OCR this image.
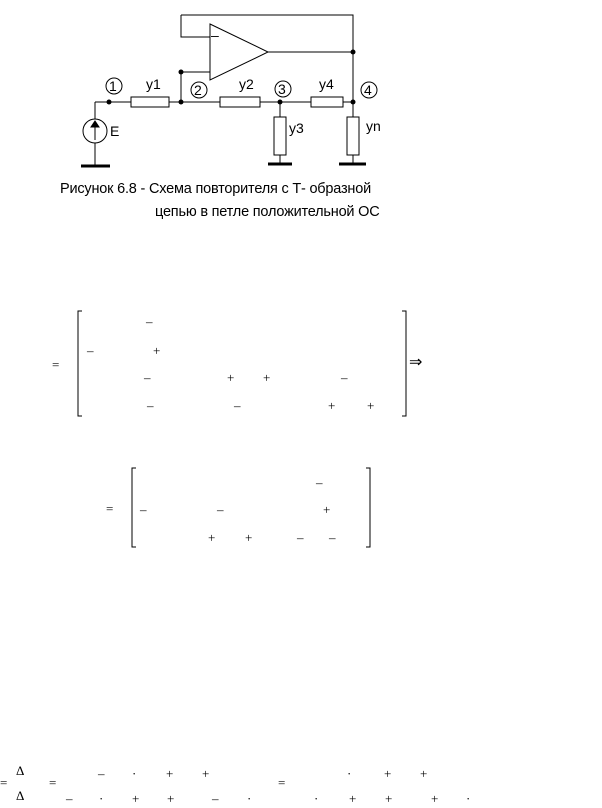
1	2	3	4
–
y1	y2	y4
y3	yn
E
Рисунок 6.8 - Схема повторителя с Т- образной
цепью в петле положительной ОС
=	⇒
–
–	+
–	+ +	–
–	–	+ +
=
–
–	–	+
+ +	– –
=
Δ
Δ
=	=
– · + +	·	+ +
– · + +	– ·	· + +	+ ·
